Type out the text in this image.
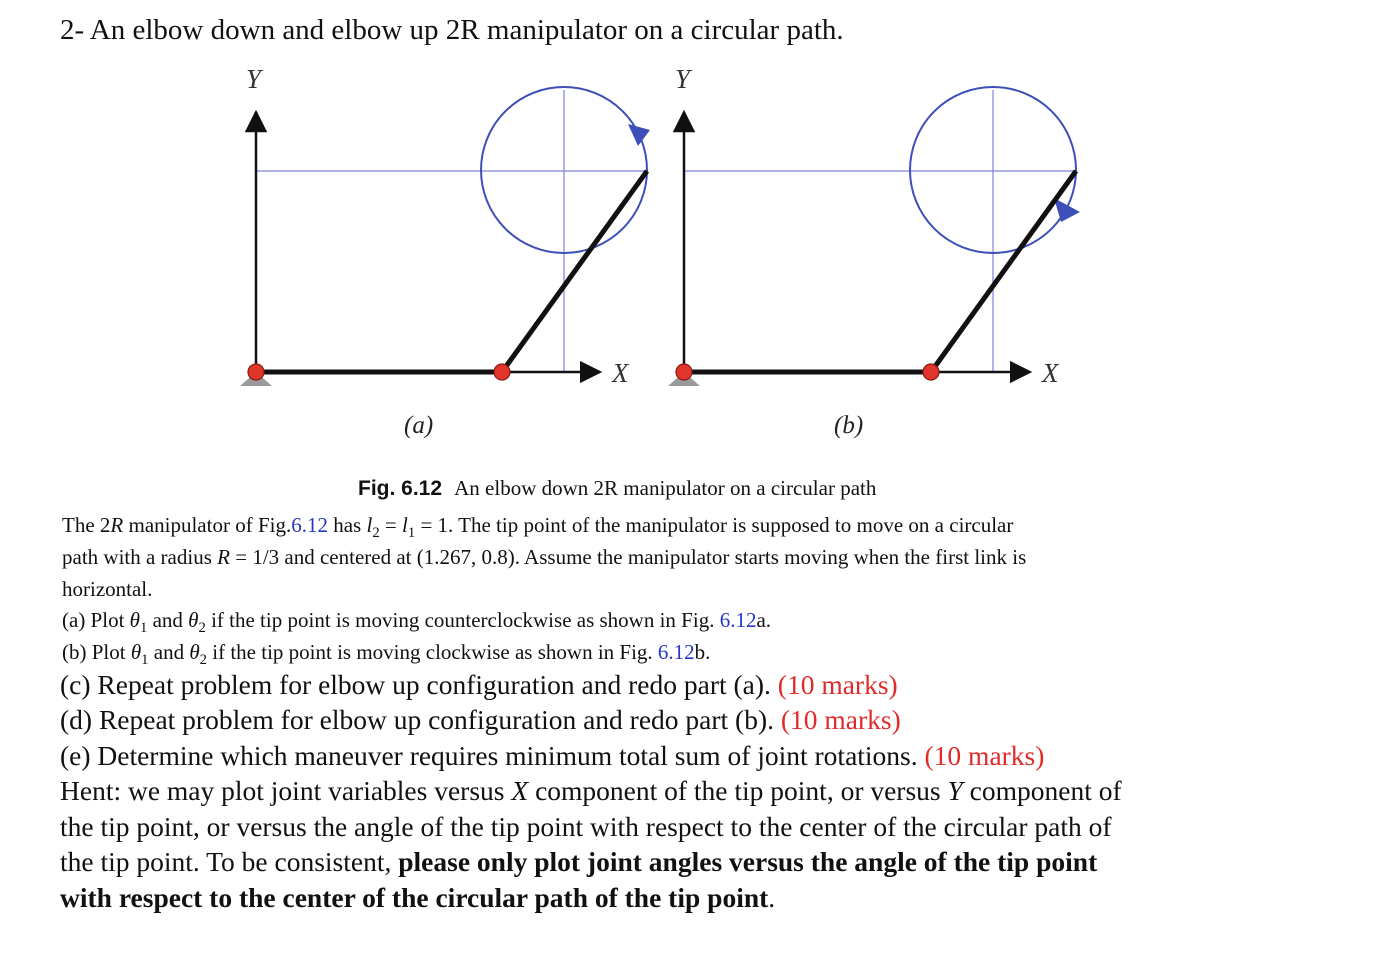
2- An elbow down and elbow up 2R manipulator on a circular path.
Y	Y
X	X
(a)	(b)
Fig. 6.12 An elbow down 2R manipulator on a circular path
The 2R manipulator of Fig.6.12 has $l_2 = l_1 = 1$. The tip point of the manipulator is supposed to move on a circular
path with a radius R = 1/3 and centered at (1.267, 0.8). Assume the manipulator starts moving when the first link is
horizontal.
(a) Plot $\theta_1$ and $\theta_2$ if the tip point is moving counterclockwise as shown in Fig. 6.12a.
(b) Plot $\theta_1$ and $\theta_2$ if the tip point is moving clockwise as shown in Fig. 6.12b.
(c) Repeat problem for elbow up configuration and redo part (a). (10 marks)
(d) Repeat problem for elbow up configuration and redo part (b). (10 marks)
(e) Determine which maneuver requires minimum total sum of joint rotations. (10 marks)
Hent: we may plot joint variables versus X component of the tip point, or versus Y component of
the tip point, or versus the angle of the tip point with respect to the center of the circular path of
the tip point. To be consistent, please only plot joint angles versus the angle of the tip point
with respect to the center of the circular path of the tip point.
